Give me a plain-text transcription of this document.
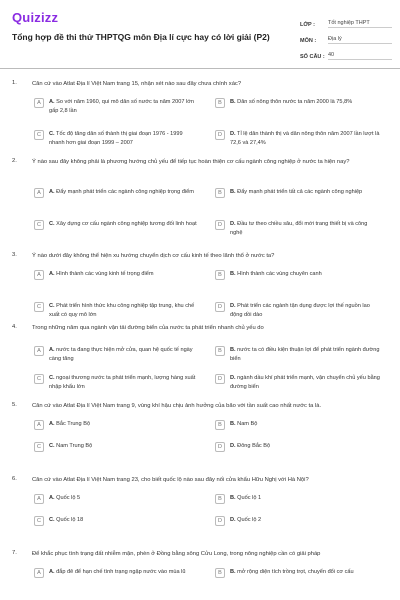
Quizizz
Tổng hợp đề thi thử THPTQG môn Địa lí cực hay có lời giải (P2)
LỚP :	Tốt nghiệp THPT
MÔN :	Địa lý
SỐ CÂU : 40
1.	Căn cứ vào Atlat Địa lí Việt Nam trang 15, nhận xét nào sau đây chưa chính xác?
A	A. So với năm 1960, qui mô dân số nước ta năm 2007 lớn gấp 2,8 lần
B	B. Dân số nông thôn nước ta năm 2000 là 75,8%
C	C. Tốc độ tăng dân số thành thị giai đoạn 1976 - 1999 nhanh hơn giai đoạn 1999 – 2007
D	D. Tỉ lệ dân thành thị và dân nông thôn năm 2007 lần lượt là 72,6 và 27,4%
2.	Ý nào sau đây không phải là phương hướng chủ yếu để tiếp tục hoàn thiện cơ cấu ngành công nghiệp ở nước ta hiện nay?
A	A. Đẩy mạnh phát triển các ngành công nghiệp trọng điểm	B	B. Đẩy mạnh phát triển tất cả các ngành công nghiệp
C	C. Xây dựng cơ cấu ngành công nghiệp tương đối linh hoạt	D	D. Đầu tư theo chiều sâu, đổi mới trang thiết bị và công nghệ
3.	Ý nào dưới đây không thể hiện xu hướng chuyển dịch cơ cấu kinh tế theo lãnh thổ ở nước ta?
A	A. Hình thành các vùng kinh tế trọng điểm	B	B. Hình thành các vùng chuyên canh
C	C. Phát triển hình thức khu công nghiệp tập trung, khu chế xuất có quy mô lớn
D	D. Phát triển các ngành tận dụng được lợi thế nguồn lao động dồi dào
4.	Trong những năm qua ngành vận tải đường biển của nước ta phát triển nhanh chủ yếu do
A	A. nước ta đang thực hiện mở cửa, quan hệ quốc tế ngày càng tăng
B	B. nước ta có điều kiện thuận lợi để phát triển ngành đường biển
C	C. ngoại thương nước ta phát triển mạnh, lượng hàng xuất nhập khẩu lớn
D	D. ngành dầu khí phát triển mạnh, vận chuyển chủ yếu bằng đường biển
5.	Căn cứ vào Atlat Địa lí Việt Nam trang 9, vùng khí hậu chịu ảnh hưởng của bão với tần suất cao nhất nước ta là.
A	A. Bắc Trung Bộ	B	B. Nam Bộ
C	C. Nam Trung Bộ	D	D. Đông Bắc Bộ
6.	Căn cứ vào Atlat Địa lí Việt Nam trang 23, cho biết quốc lộ nào sau đây nối cửa khẩu Hữu Nghị với Hà Nội?
A	A. Quốc lộ 5	B	B. Quốc lộ 1
C	C. Quốc lộ 18	D	D. Quốc lộ 2
7.	Để khắc phục tình trạng đất nhiễm mặn, phèn ở Đồng bằng sông Cửu Long, trong nông nghiệp cần có giải pháp
A	A. đắp đê để hạn chế tình trạng ngập nước vào mùa lũ	B	B. mở rộng diện tích trồng trọt, chuyển đổi cơ cấu
